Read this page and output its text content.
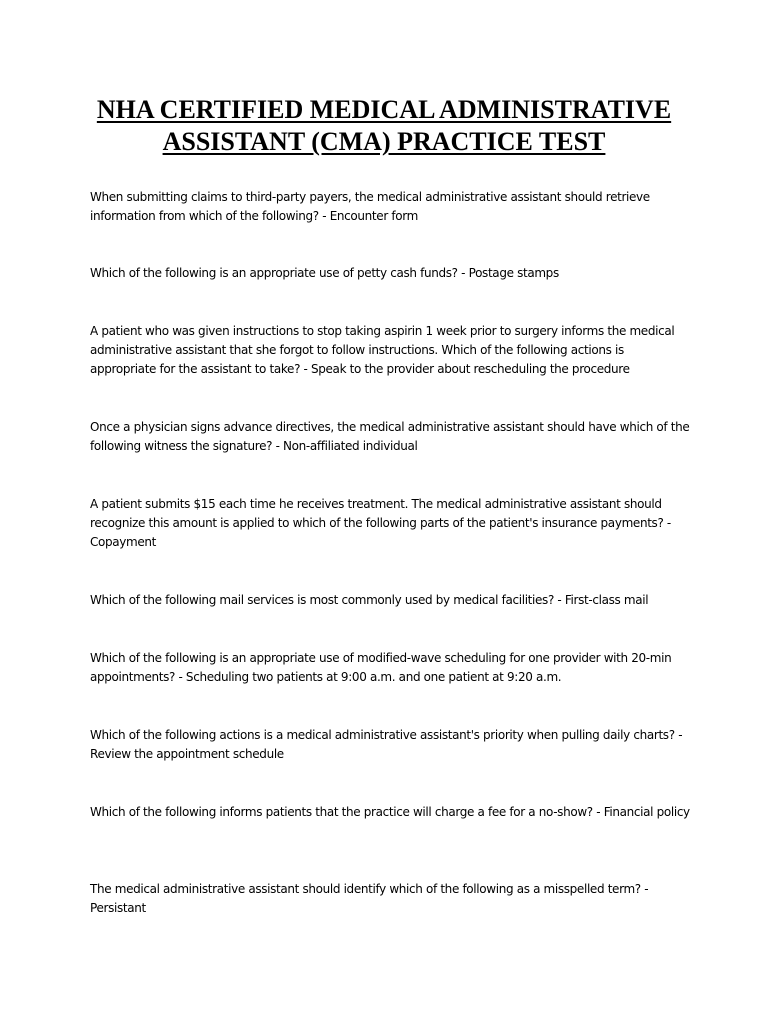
NHA CERTIFIED MEDICAL ADMINISTRATIVE
ASSISTANT (CMA) PRACTICE TEST

When submitting claims to third-party payers, the medical administrative assistant should retrieve information from which of the following? - Encounter form

Which of the following is an appropriate use of petty cash funds? - Postage stamps

A patient who was given instructions to stop taking aspirin 1 week prior to surgery informs the medical administrative assistant that she forgot to follow instructions. Which of the following actions is appropriate for the assistant to take? - Speak to the provider about rescheduling the procedure

Once a physician signs advance directives, the medical administrative assistant should have which of the following witness the signature? - Non-affiliated individual

A patient submits $15 each time he receives treatment. The medical administrative assistant should recognize this amount is applied to which of the following parts of the patient's insurance payments? - Copayment

Which of the following mail services is most commonly used by medical facilities? - First-class mail

Which of the following is an appropriate use of modified-wave scheduling for one provider with 20-min appointments? - Scheduling two patients at 9:00 a.m. and one patient at 9:20 a.m.

Which of the following actions is a medical administrative assistant's priority when pulling daily charts? - Review the appointment schedule

Which of the following informs patients that the practice will charge a fee for a no-show? - Financial policy

The medical administrative assistant should identify which of the following as a misspelled term? - Persistant
